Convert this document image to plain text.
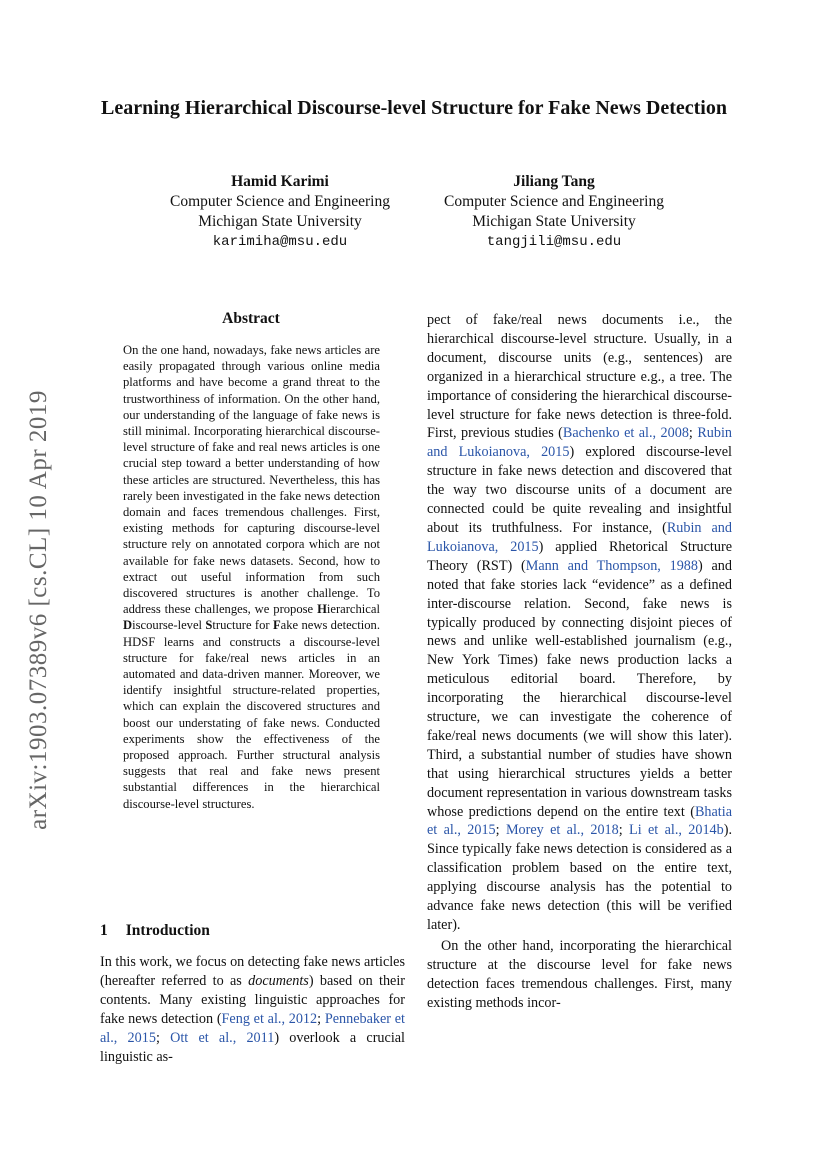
arXiv:1903.07389v6 [cs.CL] 10 Apr 2019
Learning Hierarchical Discourse-level Structure for Fake News Detection
Hamid Karimi
Computer Science and Engineering
Michigan State University
karimiha@msu.edu
Jiliang Tang
Computer Science and Engineering
Michigan State University
tangjili@msu.edu
Abstract
On the one hand, nowadays, fake news articles are easily propagated through various online media platforms and have become a grand threat to the trustworthiness of information. On the other hand, our understanding of the language of fake news is still minimal. Incorporating hierarchical discourse-level structure of fake and real news articles is one crucial step toward a better understanding of how these articles are structured. Nevertheless, this has rarely been investigated in the fake news detection domain and faces tremendous challenges. First, existing methods for capturing discourse-level structure rely on annotated corpora which are not available for fake news datasets. Second, how to extract out useful information from such discovered structures is another challenge. To address these challenges, we propose Hierarchical Discourse-level Structure for Fake news detection. HDSF learns and constructs a discourse-level structure for fake/real news articles in an automated and data-driven manner. Moreover, we identify insightful structure-related properties, which can explain the discovered structures and boost our understating of fake news. Conducted experiments show the effectiveness of the proposed approach. Further structural analysis suggests that real and fake news present substantial differences in the hierarchical discourse-level structures.
1 Introduction
In this work, we focus on detecting fake news articles (hereafter referred to as documents) based on their contents. Many existing linguistic approaches for fake news detection (Feng et al., 2012; Pennebaker et al., 2015; Ott et al., 2011) overlook a crucial linguistic as-

pect of fake/real news documents i.e., the hierarchical discourse-level structure. Usually, in a document, discourse units (e.g., sentences) are organized in a hierarchical structure e.g., a tree. The importance of considering the hierarchical discourse-level structure for fake news detection is three-fold. First, previous studies (Bachenko et al., 2008; Rubin and Lukoianova, 2015) explored discourse-level structure in fake news detection and discovered that the way two discourse units of a document are connected could be quite revealing and insightful about its truthfulness. For instance, (Rubin and Lukoianova, 2015) applied Rhetorical Structure Theory (RST) (Mann and Thompson, 1988) and noted that fake stories lack “evidence” as a defined inter-discourse relation. Second, fake news is typically produced by connecting disjoint pieces of news and unlike well-established journalism (e.g., New York Times) fake news production lacks a meticulous editorial board. Therefore, by incorporating the hierarchical discourse-level structure, we can investigate the coherence of fake/real news documents (we will show this later). Third, a substantial number of studies have shown that using hierarchical structures yields a better document representation in various downstream tasks whose predictions depend on the entire text (Bhatia et al., 2015; Morey et al., 2018; Li et al., 2014b). Since typically fake news detection is considered as a classification problem based on the entire text, applying discourse analysis has the potential to advance fake news detection (this will be verified later).

On the other hand, incorporating the hierarchical structure at the discourse level for fake news detection faces tremendous challenges. First, many existing methods incor-
